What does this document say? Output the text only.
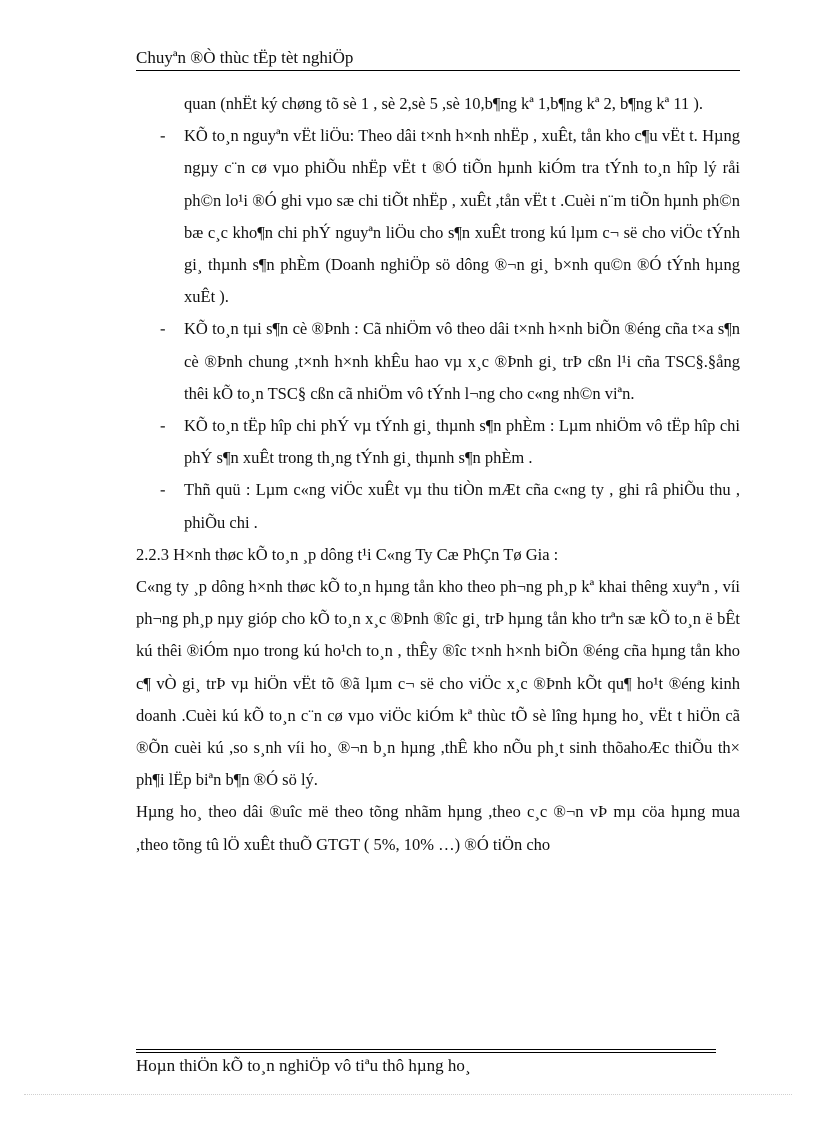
Chuyªn ®Ò thùc tËp tèt nghiÖp

quan (nhËt ký chøng tõ sè 1 , sè 2,sè 5 ,sè 10,b¶ng kª 1,b¶ng kª 2, b¶ng kª 11 ).

- KÕ to¸n nguyªn vËt liÖu: Theo dâi t×nh h×nh nhËp , xuÊt, tån kho c¶u vËt t. Hµng ngµy c¨n cø vµo phiÕu nhËp vËt t ®Ó tiÕn hµnh kiÓm tra tÝnh to¸n hîp lý råi ph©n lo¹i ®Ó ghi vµo sæ chi tiÕt nhËp , xuÊt ,tån vËt t .Cuèi n¨m tiÕn hµnh ph©n bæ c¸c kho¶n chi phÝ nguyªn liÖu cho s¶n xuÊt trong kú lµm c¬ së cho viÖc tÝnh gi¸ thµnh s¶n phÈm (Doanh nghiÖp sö dông ®¬n gi¸ b×nh qu©n ®Ó tÝnh hµng xuÊt ).
- KÕ to¸n tµi s¶n cè ®Þnh : Cã nhiÖm vô theo dâi t×nh h×nh biÕn ®éng cña t×a s¶n cè ®Þnh chung ,t×nh h×nh khÊu hao vµ x¸c ®Þnh gi¸ trÞ cßn l¹i cña TSC§.§ång thêi kÕ to¸n TSC§ cßn cã nhiÖm vô tÝnh l¬ng cho c«ng nh©n viªn.
- KÕ to¸n tËp hîp chi phÝ vµ tÝnh gi¸ thµnh s¶n phÈm : Lµm nhiÖm vô tËp hîp chi phÝ s¶n xuÊt trong th¸ng tÝnh gi¸ thµnh s¶n phÈm .
- Thñ quü : Lµm c«ng viÖc xuÊt vµ thu tiÒn mÆt cña c«ng ty , ghi râ phiÕu thu , phiÕu chi .

2.2.3 H×nh thøc kÕ to¸n ¸p dông t¹i C«ng Ty Cæ PhÇn Tø Gia :

C«ng ty ¸p dông h×nh thøc kÕ to¸n hµng tån kho theo ph¬ng ph¸p kª khai thêng xuyªn , víi ph¬ng ph¸p nµy gióp cho kÕ to¸n x¸c ®Þnh ®îc gi¸ trÞ hµng tån kho trªn sæ kÕ to¸n ë bÊt kú thêi ®iÓm nµo trong kú ho¹ch to¸n , thÊy ®îc t×nh h×nh biÕn ®éng cña hµng tån kho c¶ vÒ gi¸ trÞ vµ hiÖn vËt tõ ®ã lµm c¬ së cho viÖc x¸c ®Þnh kÕt qu¶ ho¹t ®éng kinh doanh .Cuèi kú kÕ to¸n c¨n cø vµo viÖc kiÓm kª thùc tÕ sè lîng hµng ho¸ vËt t hiÖn cã ®Õn cuèi kú ,so s¸nh víi ho¸ ®¬n b¸n hµng ,thÊ kho nÕu ph¸t sinh thõahoÆc thiÕu th× ph¶i lËp biªn b¶n ®Ó sö lý.

Hµng ho¸ theo dâi ®uîc më theo tõng nhãm hµng ,theo c¸c ®¬n vÞ mµ cöa hµng mua ,theo tõng tû lÖ xuÊt thuÕ GTGT ( 5%, 10% …) ®Ó tiÖn cho

Hoµn thiÖn kÕ to¸n nghiÖp vô tiªu thô hµng ho¸
